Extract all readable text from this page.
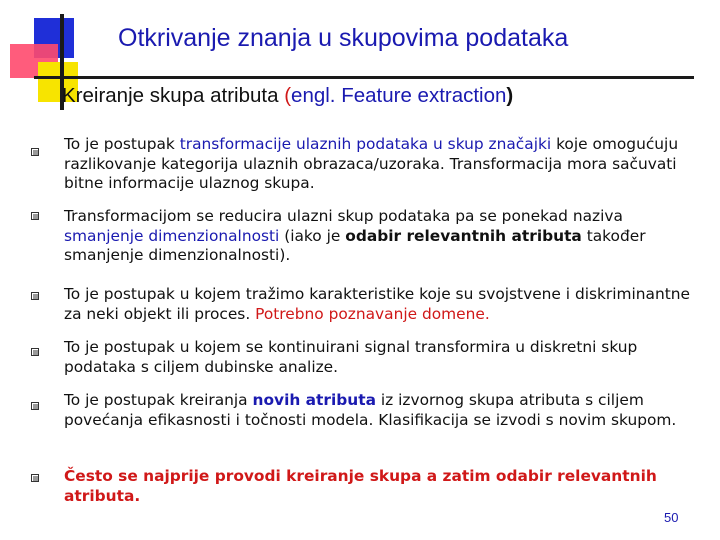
Otkrivanje znanja u skupovima podataka
Kreiranje skupa atributa (engl. Feature extraction)
To je postupak transformacije ulaznih podataka u skup značajki koje omogućuju razlikovanje kategorija ulaznih obrazaca/uzoraka. Transformacija mora sačuvati bitne informacije ulaznog skupa.
Transformacijom se reducira ulazni skup podataka pa se ponekad naziva smanjenje dimenzionalnosti (iako je odabir relevantnih atributa također smanjenje dimenzionalnosti).
To je postupak u kojem tražimo karakteristike koje su svojstvene i diskriminantne za neki objekt ili proces. Potrebno poznavanje domene.
To je postupak u kojem se kontinuirani signal transformira u diskretni skup podataka s ciljem dubinske analize.
To je postupak kreiranja novih atributa iz izvornog skupa atributa s ciljem povećanja efikasnosti i točnosti modela. Klasifikacija se izvodi s novim skupom.
Često se najprije provodi kreiranje skupa a zatim odabir relevantnih atributa.
50
